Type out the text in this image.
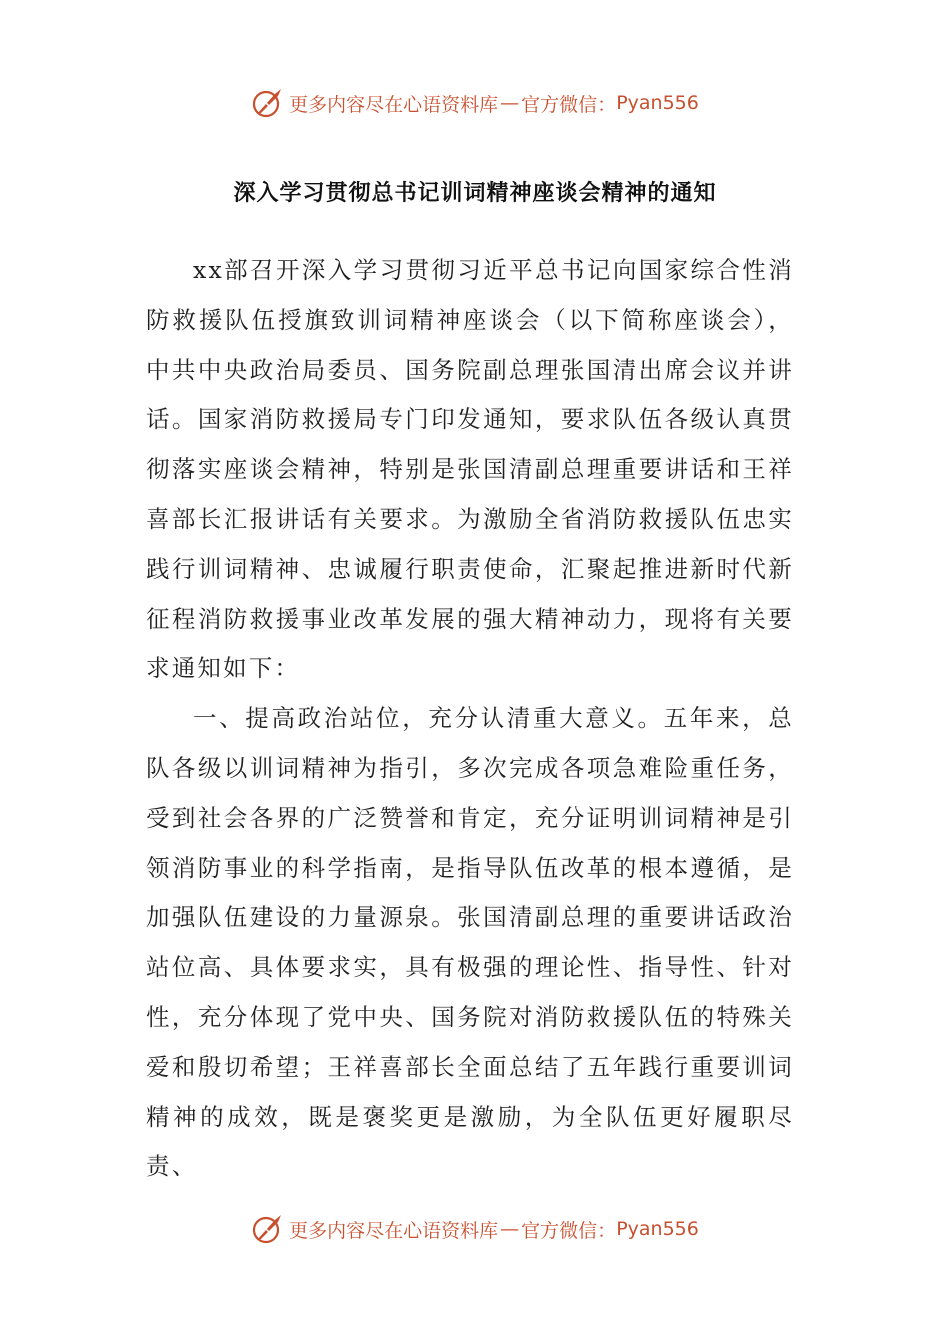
更多内容尽在心语资料库 — 官方微信： Pyan556
深入学习贯彻总书记训词精神座谈会精神的通知

xx部召开深入学习贯彻习近平总书记向国家综合性消防救援队伍授旗致训词精神座谈会（以下简称座谈会），中共中央政治局委员、国务院副总理张国清出席会议并讲话。国家消防救援局专门印发通知，要求队伍各级认真贯彻落实座谈会精神，特别是张国清副总理重要讲话和王祥喜部长汇报讲话有关要求。为激励全省消防救援队伍忠实践行训词精神、忠诚履行职责使命，汇聚起推进新时代新征程消防救援事业改革发展的强大精神动力，现将有关要求通知如下：

一、提高政治站位，充分认清重大意义。五年来，总队各级以训词精神为指引，多次完成各项急难险重任务，受到社会各界的广泛赞誉和肯定，充分证明训词精神是引领消防事业的科学指南，是指导队伍改革的根本遵循，是加强队伍建设的力量源泉。张国清副总理的重要讲话政治站位高、具体要求实，具有极强的理论性、指导性、针对性，充分体现了党中央、国务院对消防救援队伍的特殊关爱和殷切希望；王祥喜部长全面总结了五年践行重要训词精神的成效，既是褒奖更是激励，为全队伍更好履职尽责、

更多内容尽在心语资料库 — 官方微信： Pyan556
